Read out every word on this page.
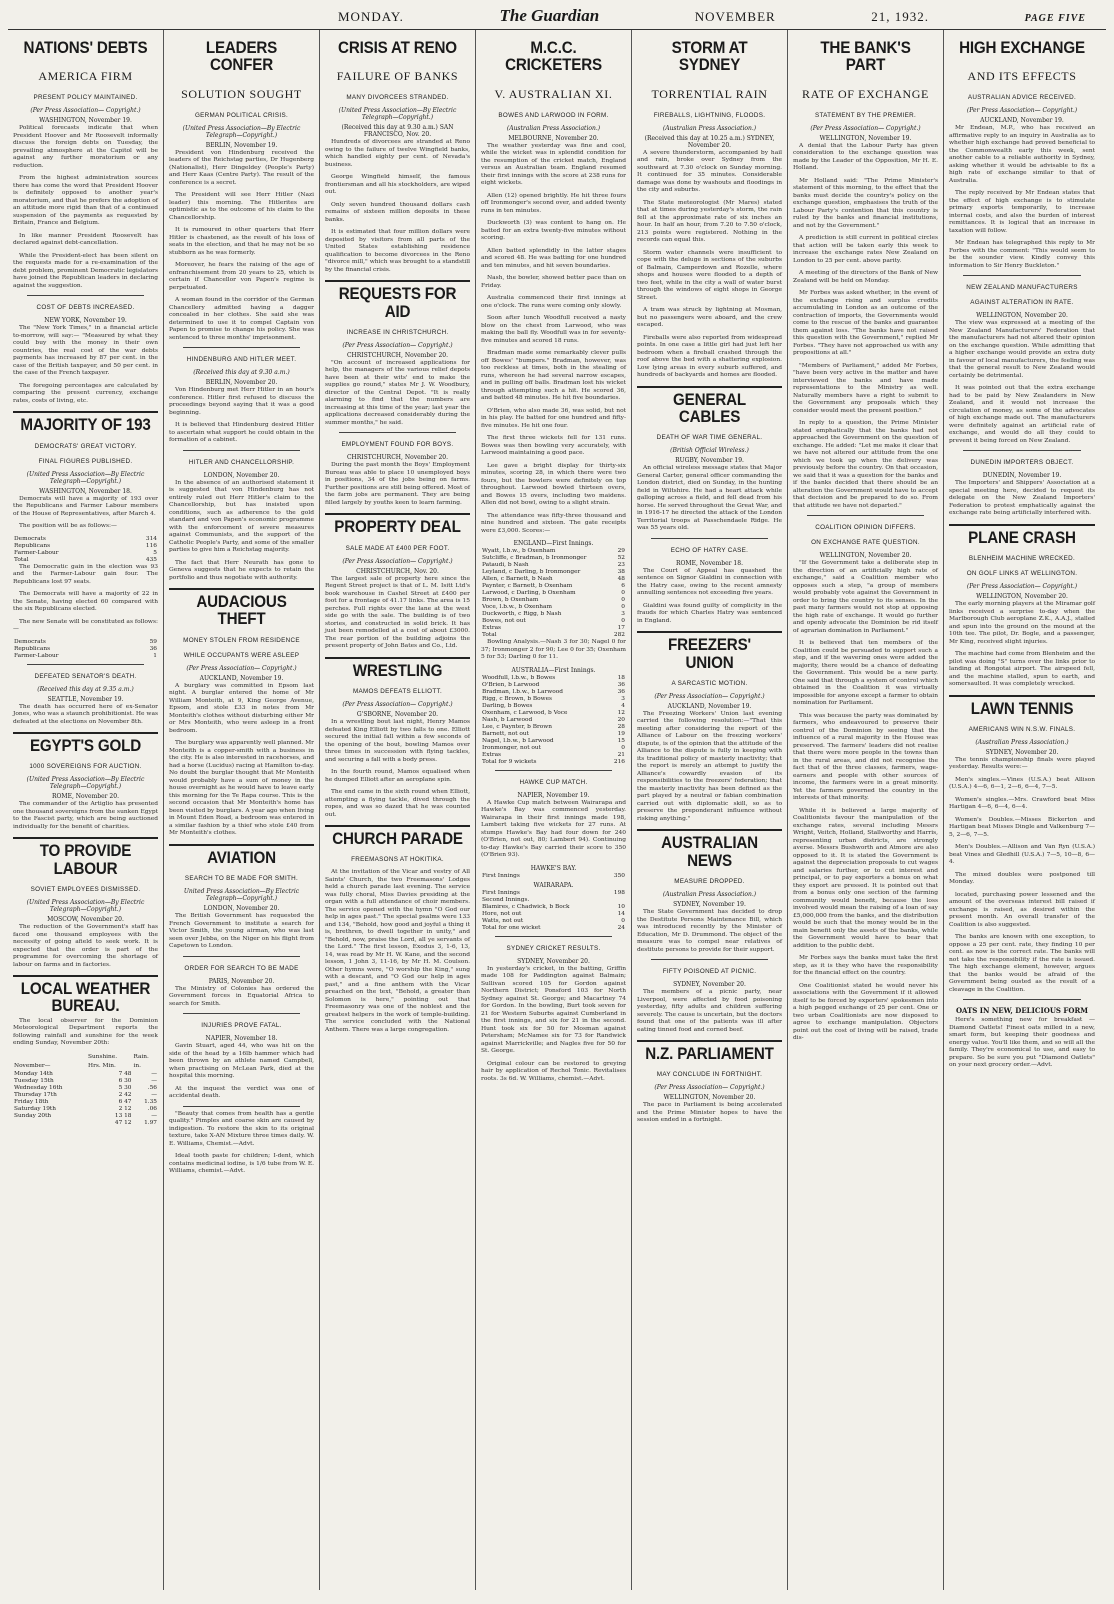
MONDAY.	The Guardian	NOVEMBER	21, 1932.	PAGE FIVE
NATIONS' DEBTS
AMERICA FIRM
PRESENT POLICY MAINTAINED.
(Per Press Association— Copyright.)
WASHINGTON, November 19.

Political forecasts indicate that when President Hoover and Mr Roosevelt informally discuss the foreign debts on Tuesday, the prevailing atmosphere at the Capitol will be against any further moratorium or any reduction.

From the highest administration sources there has come the word that President Hoover is definitely opposed to another year's moratorium, and that he prefers the adoption of an attitude more rigid than that of a continued suspension of the payments as requested by Britain, France and Belgium.

In like manner President Roosevelt has declared against debt-cancellation.

While the President-elect has been silent on the requests made for a re-examination of the debt problem, prominent Democratic legislators have joined the Republican leaders in declaring against the suggestion.

COST OF DEBTS INCREASED.
NEW YORK, November 19.

The "New York Times," in a financial article to-morrow, will say:— "Measured by what they could buy with the money in their own countries, the real cost of the war debts payments has increased by 87 per cent. in the case of the British taxpayer, and 50 per cent. in the case of the French taxpayer.

The foregoing percentages are calculated by comparing the present currency, exchange rates, costs of living, etc.

MAJORITY OF 193
DEMOCRATS' GREAT VICTORY.
FINAL FIGURES PUBLISHED.
(United Press Association—By Electric Telegraph—Copyright.)
WASHINGTON, November 18.

Democrats will have a majority of 193 over the Republicans and Farmer Labour members of the House of Representatives, after March 4.

The position will be as follows:—

Democrats	314
Republicans	116
Farmer-Labour	5
Total	435

The Democratic gain in the election was 93 and the Farmer-Labour gain four. The Republicans lost 97 seats.

The Democrats will have a majority of 22 in the Senate, having elected 60 compared with the six Republicans elected.

The new Senate will be constituted as follows:—

Democrats	59
Republicans	36
Farmer-Labour	1
DEFEATED SENATOR'S DEATH.
(Received this day at 9.35 a.m.)
SEATTLE, November 19.

The death has occurred here of ex-Senator Jones, who was a staunch prohibitionist. He was defeated at the elections on November 8th.

EGYPT'S GOLD
1000 SOVEREIGNS FOR AUCTION.
(United Press Association—By Electric Telegraph—Copyright.)
ROME, November 20.

The commander of the Artiglio has presented one thousand sovereigns from the sunken Egypt to the Fascist party, which are being auctioned individually for the benefit of charities.

TO PROVIDE LABOUR
SOVIET EMPLOYEES DISMISSED.
(United Press Association—By Electric Telegraph—Copyright.)
MOSCOW, November 20.

The reduction of the Government's staff has faced one thousand employees with the necessity of going afield to seek work. It is expected that the order is part of the programme for overcoming the shortage of labour on farms and in factories.

LOCAL WEATHER BUREAU.

The local observer for the Dominion Meteorological Department reports the following rainfall and sunshine for the week ending Sunday, November 20th:

	Sunshine.	Rain.
November—	Hrs. Min.	in.
Monday 14th	7 48	—
Tuesday 15th	6 30	—
Wednesday 16th	5 30	.56
Thursday 17th	2 42	—
Friday 18th	6 47	1.35
Saturday 19th	2 12	.06
Sunday 20th	13 18	—
	47 12	1.97
LEADERS CONFER
SOLUTION SOUGHT
GERMAN POLITICAL CRISIS.
(United Press Association—By Electric Telegraph—Copyright.)
BERLIN, November 19.

President von Hindenburg received the leaders of the Reichstag parties, Dr Hugenberg (Nationalist), Herr Dingeldey (People's Party) and Herr Kaas (Centre Party). The result of the conference is a secret.

The President will see Herr Hitler (Nazi leader) this morning. The Hitlerites are optimistic as to the outcome of his claim to the Chancellorship.

It is rumoured in other quarters that Herr Hitler is chastened, as the result of his loss of seats in the election, and that he may not be so stubborn as he was formerly.

Moreover, he fears the raising of the age of enfranchisement from 20 years to 25, which is certain if Chancellor von Papen's regime is perpetuated.

A woman found in the corridor of the German Chancellery admitted having a dagger concealed in her clothes. She said she was determined to use it to compel Captain von Papen to promise to change his policy. She was sentenced to three months' imprisonment.

HINDENBURG AND HITLER MEET.
(Received this day at 9.30 a.m.)
BERLIN, November 20.

Von Hindenburg met Herr Hitler in an hour's conference. Hitler first refused to discuss the proceedings beyond saying that it was a good beginning.

It is believed that Hindenburg desired Hitler to ascertain what support he could obtain in the formation of a cabinet.

HITLER AND CHANCELLORSHIP.
LONDON, November 20.

In the absence of an authorised statement it is suggested that von Hindenburg has not entirely ruled out Herr Hitler's claim to the Chancellorship, but has insisted upon conditions, such as adherence to the gold standard and von Papen's economic programme with the enforcement of severe measures against Communists, and the support of the Catholic People's Party, and some of the smaller parties to give him a Reichstag majority.

The fact that Herr Neurath has gone to Geneva suggests that he expects to retain the portfolio and thus negotiate with authority.

AUDACIOUS THEFT
MONEY STOLEN FROM RESIDENCE
WHILE OCCUPANTS WERE ASLEEP
(Per Press Association— Copyright.)
AUCKLAND, November 19.

A burglary was committed in Epsom last night. A burglar entered the home of Mr William Monteith, at 9, King George Avenue, Epsom, and stole £33 in notes from Mr Monteith's clothes without disturbing either Mr or Mrs Monteith, who were asleep in a front bedroom.

The burglary was apparently well planned. Mr Monteith is a copper-smith with a business in the city. He is also interested in racehorses, and had a horse (Lucidus) racing at Hamilton to-day. No doubt the burglar thought that Mr Monteith would probably have a sum of money in the house overnight as he would have to leave early this morning for the Te Rapa course. This is the second occasion that Mr Monteith's home has been visited by burglars. A year ago when living in Mount Eden Road, a bedroom was entered in a similar fashion by a thief who stole £40 from Mr Monteith's clothes.

AVIATION
SEARCH TO BE MADE FOR SMITH.
United Press Association—By Electric Telegraph—Copyright.)
LONDON, November 20.

The British Government has requested the French Government to institute a search for Victor Smith, the young airman, who was last seen over Jebba, on the Niger on his flight from Capetown to London.

ORDER FOR SEARCH TO BE MADE
PARIS, November 20.

The Ministry of Colonies has ordered the Government forces in Equatorial Africa to search for Smith.

INJURIES PROVE FATAL.
NAPIER, November 18.

Gavin Stuart, aged 44, who was hit on the side of the head by a 16lb hammer which had been thrown by an athlete named Campbell, when practising on McLean Park, died at the hospital this morning.

At the inquest the verdict was one of accidental death.

"Beauty that comes from health has a gentle quality." Pimples and coarse skin are caused by indigestion. To restore the skin to its original texture, take X-AN Mixture three times daily. W. E. Williams, Chemist.—Advt.

Ideal tooth paste for children; I-dent, which contains medicinal iodine, is 1/6 tube from W. E. Williams, chemist.—Advt.

CRISIS AT RENO
FAILURE OF BANKS
MANY DIVORCEES STRANDED.
(United Press Association—By Electric Telegraph—Copyright.)
(Received this day at 9.30 a.m.) SAN FRANCISCO, Nov. 20.

Hundreds of divorcees are stranded at Reno owing to the failure of twelve Wingfield banks, which handled eighty per cent. of Nevada's business.

George Wingfield himself, the famous frontiersman and all his stockholders, are wiped out.

Only seven hundred thousand dollars cash remains of sixteen million deposits in these banks.

It is estimated that four million dollars were deposited by visitors from all parts of the United States establishing residence qualification to become divorcees in the Reno "divorce mill," which was brought to a standstill by the financial crisis.

REQUESTS FOR AID
INCREASE IN CHRISTCHURCH.
(Per Press Association— Copyright.)
CHRISTCHURCH, November 20.

"On account of increased applications for help, the managers of the various relief depots have been at their wits' end to make the supplies go round," states Mr J. W. Woodbury, director of the Central Depot. "It is really alarming to find that the numbers are increasing at this time of the year; last year the applications decreased considerably during the summer months," he said.

EMPLOYMENT FOUND FOR BOYS.
CHRISTCHURCH, November 20.

During the past month the Boys' Employment Bureau was able to place 10 unemployed boys in positions, 34 of the jobs being on farms. Further positions are still being offered. Most of the farm jobs are permanent. They are being filled largely by youths keen to learn farming.

PROPERTY DEAL
SALE MADE AT £400 PER FOOT.
(Per Press Association— Copyright.)
CHRISTCHURCH, Nov. 20.

The largest sale of property here since the Regent Street project is that of L. M. Isitt Ltd's book warehouse in Cashel Street at £400 per foot for a frontage of 41.17 links. The area is 15 perches. Full rights over the lane at the west side go with the sale. The building is of two stories, and constructed in solid brick. It has just been remodelled at a cost of about £3000. The rear portion of the building adjoins the present property of John Bates and Co., Ltd.

WRESTLING
MAMOS DEFEATS ELLIOTT.
(Per Press Association— Copyright.)
G'SBORNE, November 20.

In a wrestling bout last night, Henry Mamos defeated King Elliott by two falls to one. Elliott secured the initial fall within a few seconds of the opening of the bout, bowling Mamos over three times in succession with flying tackles, and securing a fall with a body press.

In the fourth round, Mamos equalised when he dumped Elliott after an aeroplane spin.

The end came in the sixth round when Elliott, attempting a flying tackle, dived through the ropes, and was so dazed that he was counted out.

CHURCH PARADE
FREEMASONS AT HOKITIKA.

At the invitation of the Vicar and vestry of All Saints' Church, the two Freemasons' Lodges held a church parade last evening. The service was fully choral, Miss Davies presiding at the organ with a full attendance of choir members. The service opened with the hymn "O God our help in ages past." The special psalms were 133 and 134, "Behold, how good and joyful a thing it is, brethren, to dwell together in unity," and "Behold, now, praise the Lord, all ye servants of the Lord." The first lesson, Exodus 3, 1-6, 13, 14, was read by Mr H. W. Kane, and the second lesson, 1 John 3, 11-16, by Mr H. M. Coulson. Other hymns were, "O worship the King," sung with a descant, and "O God our help in ages past," and a fine anthem with the Vicar preached on the text, "Behold, a greater than Solomon is here," pointing out that Freemasonry was one of the noblest and the greatest helpers in the work of temple-building. The service concluded with the National Anthem. There was a large congregation.

M.C.C. CRICKETERS
V. AUSTRALIAN XI.
BOWES AND LARWOOD IN FORM.
(Australian Press Association.)
MELBOURNE, November 20.

The weather yesterday was fine and cool, while the wicket was in splendid condition for the resumption of the cricket match, England versus an Australian team. England resumed their first innings with the score at 238 runs for eight wickets.

Allen (12) opened brightly. He hit three fours off Ironmonger's second over, and added twenty runs in ten minutes.

Duckworth (3) was content to hang on. He batted for an extra twenty-five minutes without scoring.

Allen batted splendidly in the latter stages and scored 48. He was batting for one hundred and ten minutes, and hit seven boundaries.

Nash, the bowler, showed better pace than on Friday.

Australia commenced their first innings at one o'clock. The runs were coming only slowly.

Soon after lunch Woodfull received a nasty blow on the chest from Larwood, who was making the ball fly. Woodfull was in for seventy-five minutes and scored 18 runs.

Bradman made some remarkably clever pulls off Bowes' "bumpers." Bradman, however, was too reckless at times, both in the stealing of runs, whereon he had several narrow escapes, and in pulling off balls. Bradman lost his wicket through attempting such a hit. He scored 36, and batted 48 minutes. He hit five boundaries.

O'Brien, who also made 36, was solid, but not in his play. He batted for one hundred and fifty-five minutes. He hit one four.

The first three wickets fell for 131 runs. Bowes was then bowling very accurately, with Larwood maintaining a good pace.

Lee gave a bright display for thirty-six minutes, scoring 28, in which there were two fours, but the bowlers were definitely on top throughout. Larwood bowled thirteen overs, and Bowes 15 overs, including two maidens. Allen did not bowl, owing to a slight strain.

The attendance was fifty-three thousand and nine hundred and sixteen. The gate receipts were £3,000. Scores:—

ENGLAND—First Innings.
Wyatt, l.b.w., b Oxenham	29
Sutcliffe, c Bradman, b Ironmonger	52
Pataudi, b Nash	23
Leyland, c Darling, b Ironmonger	38
Allen, c Barnett, b Nash	48
Paynter, c Barnett, b Oxenham	6
Larwood, c Darling, b Oxenham	0
Brown, b Oxenham	0
Voce, l.b.w., b Oxenham	0
Duckworth, c Rigg, b Nash	3
Bowes, not out	0
Extras	17
Total	282

Bowling Analysis.—Nash 3 for 30; Nagel 0 for 37; Ironmonger 2 for 90; Lee 0 for 35; Oxenham 5 for 53; Darling 0 for 11.

AUSTRALIA—First Innings.
Woodfull, l.b.w., b Bowes	18
O'Brien, b Larwood	36
Bradman, l.b.w., b Larwood	36
Rigg, c Brown, b Bowes	3
Darling, b Bowes	4
Oxenham, c Larwood, b Voce	12
Nash, b Larwood	20
Lee, c Paynter, b Brown	28
Barnett, not out	19
Nagel, l.b.w., b Larwood	15
Ironmonger, not out	0
Extras	21
Total for 9 wickets	216
HAWKE CUP MATCH.
NAPIER, November 19.

A Hawke Cup match between Wairarapa and Hawke's Bay was commenced yesterday. Wairarapa in their first innings made 198, Lambert taking five wickets for 27 runs. At stumps Hawke's Bay had four down for 240 (O'Brien, not out, 80; Lambert 94). Continuing to-day Hawke's Bay carried their score to 350 (O'Brien 93).

HAWKE'S BAY.
First Innings	350
WAIRARAPA.
First Innings	198
Second Innings.	
Blamires, c Chadwick, b Bock	10
Hore, not out	14
Watts, not out	0
Total for one wicket	24
SYDNEY CRICKET RESULTS.
SYDNEY, November 20.

In yesterday's cricket, in the batting, Griffin made 108 for Paddington against Balmain; Sullivan scored 105 for Gordon against Northern District; Ponsford 103 for North Sydney against St. George; and Macartney 74 for Gordon. In the bowling, Burt took seven for 21 for Western Suburbs against Cumberland in the first innings, and six for 21 in the second. Hunt took six for 50 for Mosman against Petersham; McNamee six for 73 for Randwick against Marrickville; and Nagles five for 50 for St. George.

Original colour can be restored to greying hair by application of Rechol Tonic. Revitalises roots. 3s 6d. W. Williams, chemist.—Advt.

STORM AT SYDNEY
TORRENTIAL RAIN
FIREBALLS, LIGHTNING, FLOODS.
(Australian Press Association.)
(Received this day at 10.25 a.m.) SYDNEY, November 20.

A severe thunderstorm, accompanied by hail and rain, broke over Sydney from the southward at 7.30 o'clock on Sunday morning. It continued for 35 minutes. Considerable damage was done by washouts and floodings in the city and suburbs.

The State meteorologist (Mr Mares) stated that at times during yesterday's storm, the rain fell at the approximate rate of six inches an hour. In half an hour, from 7.20 to 7.50 o'clock, 213 points were registered. Nothing in the records can equal this.

Storm water channels were insufficient to cope with the deluge in sections of the suburbs of Balmain, Camperdown and Rozelle, where shops and houses were flooded to a depth of two feet, while in the city a wall of water burst through the windows of eight shops in George Street.

A tram was struck by lightning at Mosman, but no passengers were aboard, and the crew escaped.

Fireballs were also reported from widespread points. In one case a little girl had just left her bedroom when a fireball crashed through the roof above the bed with a shattering explosion. Low lying areas in every suburb suffered, and hundreds of backyards and homes are flooded.

GENERAL CABLES
DEATH OF WAR TIME GENERAL.
(British Official Wireless.)
RUGBY, November 19.

An official wireless message states that Major General Carter, general officer commanding the London district, died on Sunday, in the hunting field in Wiltshire. He had a heart attack while galloping across a field, and fell dead from his horse. He served throughout the Great War, and in 1916-17 he directed the attack of the London Territorial troops at Passchendaele Ridge. He was 55 years old.

ECHO OF HATRY CASE.
ROME, November 18.

The Court of Appeal has quashed the sentence on Signor Gialdini in connection with the Hatry case, owing to the recent amnesty annulling sentences not exceeding five years.

Gialdini was found guilty of complicity in the frauds for which Charles Hatry was sentenced in England.

FREEZERS' UNION
A SARCASTIC MOTION.
(Per Press Association— Copyright.)
AUCKLAND, November 19.

The Freezing Workers' Union last evening carried the following resolution:—"That this meeting after considering the report of the Alliance of Labour on the freezing workers' dispute, is of the opinion that the attitude of the Alliance to the dispute is fully in keeping with its traditional policy of masterly inactivity; that the report is merely an attempt to justify the Alliance's cowardly evasion of its responsibilities to the freezers' federation; that the masterly inactivity has been defined as the part played by a neutral or fabian combination carried out with diplomatic skill, so as to preserve the preponderant influence without risking anything."

AUSTRALIAN NEWS
MEASURE DROPPED.
(Australian Press Association.)
SYDNEY, November 19.

The State Government has decided to drop the Destitute Persons Maintenance Bill, which was introduced recently by the Minister of Education, Mr D. Drummond. The object of the measure was to compel near relatives of destitute persons to provide for their support.

FIFTY POISONED AT PICNIC.
SYDNEY, November 20.

The members of a picnic party, near Liverpool, were affected by food poisoning yesterday, fifty adults and children suffering severely. The cause is uncertain, but the doctors found that one of the patients was ill after eating tinned food and corned beef.

N.Z. PARLIAMENT
MAY CONCLUDE IN FORTNIGHT.
(Per Press Association— Copyright.)
WELLINGTON, November 20.

The pace in Parliament is being accelerated and the Prime Minister hopes to have the session ended in a fortnight.

THE BANK'S PART
RATE OF EXCHANGE
STATEMENT BY THE PREMIER.
(Per Press Association— Copyright.)
WELLINGTON, November 19.

A denial that the Labour Party has given consideration to the exchange question was made by the Leader of the Opposition, Mr H. E. Holland.

Mr Holland said: "The Prime Minister's statement of this morning, to the effect that the banks must decide the country's policy on the exchange question, emphasises the truth of the Labour Party's contention that this country is ruled by the banks and financial institutions, and not by the Government."

A prediction is still current in political circles that action will be taken early this week to increase the exchange rates New Zealand on London to 25 per cent. above parity.

A meeting of the directors of the Bank of New Zealand will be held on Monday.

Mr Forbes was asked whether, in the event of the exchange rising and surplus credits accumulating in London as an outcome of the contraction of imports, the Governments would come to the rescue of the banks and guarantee them against loss. "The banks have not raised this question with the Government," replied Mr Forbes. "They have not approached us with any propositions at all."

"Members of Parliament," added Mr Forbes, "have been very active in the matter and have interviewed the banks and have made representations to the Ministry as well. Naturally members have a right to submit to the Government any proposals which they consider would meet the present position."

In reply to a question, the Prime Minister stated emphatically that the banks had not approached the Government on the question of exchange. He added: "Let me make it clear that we have not altered our attitude from the one which we took up when the delivery was previously before the country. On that occasion, we said that it was a question for the banks and if the banks decided that there should be an alteration the Government would have to accept that decision and be prepared to do so. From that attitude we have not departed."

COALITION OPINION DIFFERS.
ON EXCHANGE RATE QUESTION.
WELLINGTON, November 20.

"If the Government take a deliberate step in the direction of an artificially high rate of exchange," said a Coalition member who opposes such a step, "a group of members would probably vote against the Government in order to bring the country to its senses. In the past many farmers would not stop at opposing the high rate of exchange. It would go further and openly advocate the Dominion be rid itself of agrarian domination in Parliament."

It is believed that ten members of the Coalition could be persuaded to support such a step, and if the wavering ones were added the majority, there would be a chance of defeating the Government. This would be a new party. One said that through a system of control which obtained in the Coalition it was virtually impossible for anyone except a farmer to obtain nomination for Parliament.

This was because the party was dominated by farmers, who endeavoured to preserve their control of the Dominion by seeing that the influence of a rural majority in the House was preserved. The farmers' leaders did not realise that there were more people in the towns than in the rural areas, and did not recognise the fact that of the three classes, farmers, wage-earners and people with other sources of income, the farmers were in a great minority. Yet the farmers governed the country in the interests of that minority.

While it is believed a large majority of Coalitionists favour the manipulation of the exchange rates, several including Messrs Wright, Veitch, Holland, Stallworthy and Harris, representing urban districts, are strongly averse. Messrs Bushworth and Atmore are also opposed to it. It is stated the Government is against the depreciation proposals to cut wages and salaries further, or to cut interest and principal, or to pay exporters a bonus on what they export are pressed. It is pointed out that from a bonus only one section of the farming community would benefit, because the loss involved would mean the raising of a loan of say £5,000,000 from the banks, and the distribution would be such that the money would be in the main benefit only the assets of the banks, while the Government would have to bear that addition to the public debt.

Mr Forbes says the banks must take the first step, as it is they who have the responsibility for the financial effect on the country.

One Coalitionist stated he would never his associations with the Government if it allowed itself to be forced by exporters' spokesmen into a high pegged exchange of 25 per cent. One or two urban Coalitionists are now disposed to agree to exchange manipulation. Objectors point out the cost of living will be raised, trade dis-

HIGH EXCHANGE
AND ITS EFFECTS
AUSTRALIAN ADVICE RECEIVED.
(Per Press Association— Copyright.)
AUCKLAND, November 19.

Mr Endean, M.P., who has received an affirmative reply to an inquiry in Australia as to whether high exchange had proved beneficial to the Commonwealth early this week, sent another cable to a reliable authority in Sydney, asking whether it would be advisable to fix a high rate of exchange similar to that of Australia.

The reply received by Mr Endean states that the effect of high exchange is to stimulate primary exports temporarily, to increase internal costs, and also the burden of interest remittances. It is logical that an increase in taxation will follow.

Mr Endean has telegraphed this reply to Mr Forbes with the comment: "This would seem to be the sounder view. Kindly convey this information to Sir Henry Buckleton."

NEW ZEALAND MANUFACTURERS
AGAINST ALTERATION IN RATE.
WELLINGTON, November 20.

The view was expressed at a meeting of the New Zealand Manufacturers' Federation that the manufacturers had not altered their opinion on the exchange question. While admitting that a higher exchange would provide an extra duty in favour of local manufacturers, the feeling was that the general result to New Zealand would certainly be detrimental.

It was pointed out that the extra exchange had to be paid by New Zealanders in New Zealand, and it would not increase the circulation of money, as some of the advocates of high exchange made out. The manufacturers were definitely against an artificial rate of exchange, and would do all they could to prevent it being forced on New Zealand.

DUNEDIN IMPORTERS OBJECT.
DUNEDIN, November 19.

The Importers' and Shippers' Association at a special meeting here, decided to request its delegate on the New Zealand Importers' Federation to protest emphatically against the exchange rate being artificially interfered with.

PLANE CRASH
BLENHEIM MACHINE WRECKED.
ON GOLF LINKS AT WELLINGTON.
(Per Press Association— Copyright.)
WELLINGTON, November 20.

The early morning players at the Miramar golf links received a surprise to-day when the Marlborough Club aeroplane Z.K., A.A.J., stalled and spun into the ground on the mound at the 10th tee. The pilot, Dr. Bogle, and a passenger, Mr King, received slight injuries.

The machine had come from Blenheim and the pilot was doing "S" turns over the links prior to landing at Rongotai airport. The airspeed fell, and the machine stalled, spun to earth, and somersaulted. It was completely wrecked.

LAWN TENNIS
AMERICANS WIN N.S.W. FINALS.
(Australian Press Association.)
SYDNEY, November 20.

The tennis championship finals were played yesterday. Results were:—

Men's singles.—Vines (U.S.A.) beat Allison (U.S.A.) 4—6, 6—1, 2—6, 6—4, 7—5.

Women's singles.—Mrs. Crawford beat Miss Hartigan 4—6, 6—4, 6—4.

Women's Doubles.—Misses Bickerton and Hartigan beat Misses Dingle and Valkenburg 7—5, 2—6, 7—5.

Men's Doubles.—Allison and Van Ryn (U.S.A.) beat Vines and Gledhill (U.S.A.) 7—5, 10—8, 6—4.

The mixed doubles were postponed till Monday.

located, purchasing power lessened and the amount of the overseas interest bill raised if exchange is raised, as desired within the present month. An overall transfer of the Coalition is also suggested.

The banks are known with one exception, to oppose a 25 per cent. rate, they finding 10 per cent. as now is the correct rate. The banks will not take the responsibility if the rate is issued. The high exchange element, however, argues that the banks would be afraid of the Government being ousted as the result of a cleavage in the Coalition.

OATS IN NEW, DELICIOUS FORM

Here's something new for breakfast —Diamond Oatlets! Finest oats milled in a new, smart form, but keeping their goodness and energy value. You'll like them, and so will all the family. They're economical to use, and easy to prepare. So be sure you put "Diamond Oatlets" on your next grocery order.—Advt.
